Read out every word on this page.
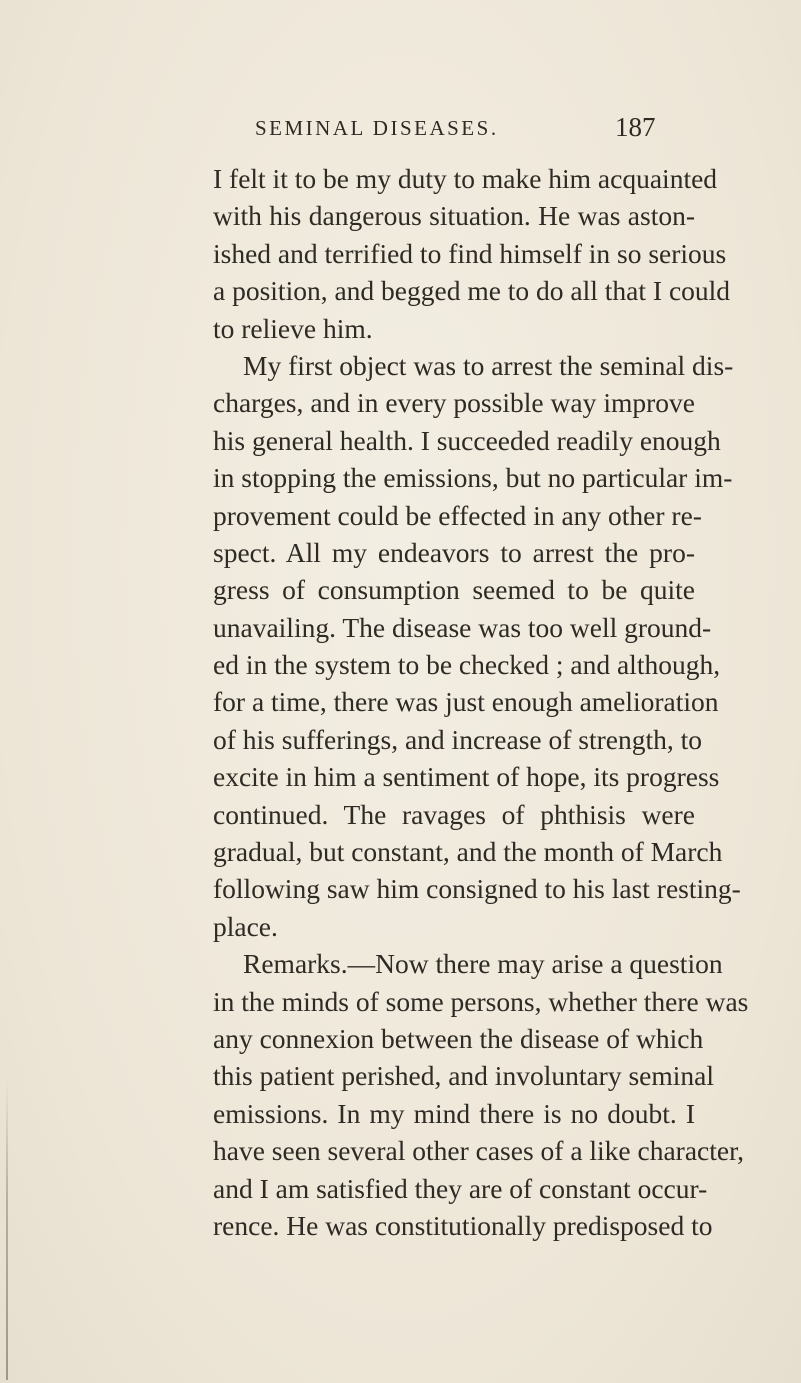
SEMINAL DISEASES.	187
I felt it to be my duty to make him acquainted
with his dangerous situation. He was aston-
ished and terrified to find himself in so serious
a position, and begged me to do all that I could
to relieve him.
My first object was to arrest the seminal dis-
charges, and in every possible way improve
his general health. I succeeded readily enough
in stopping the emissions, but no particular im-
provement could be effected in any other re-
spect. All my endeavors to arrest the pro-
gress of consumption seemed to be quite
unavailing. The disease was too well ground-
ed in the system to be checked ; and although,
for a time, there was just enough amelioration
of his sufferings, and increase of strength, to
excite in him a sentiment of hope, its progress
continued. The ravages of phthisis were
gradual, but constant, and the month of March
following saw him consigned to his last resting-
place.
Remarks.—Now there may arise a question
in the minds of some persons, whether there was
any connexion between the disease of which
this patient perished, and involuntary seminal
emissions. In my mind there is no doubt. I
have seen several other cases of a like character,
and I am satisfied they are of constant occur-
rence. He was constitutionally predisposed to
